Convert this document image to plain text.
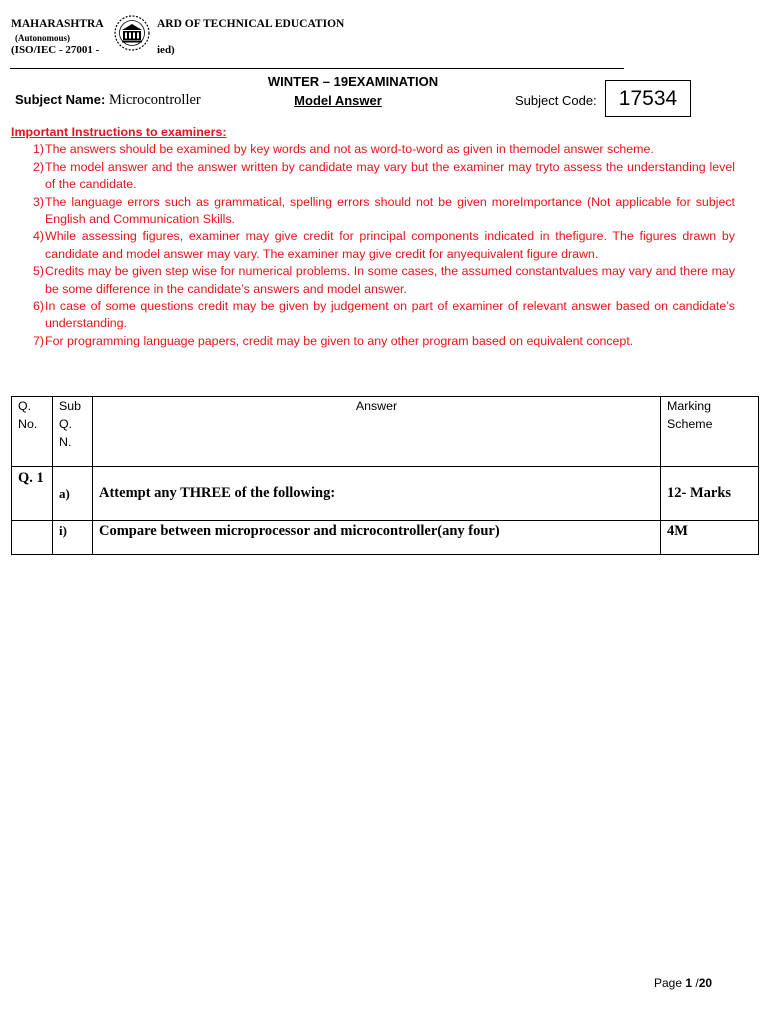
MAHARASHTRA	ARD OF TECHNICAL EDUCATION
(Autonomous)
(ISO/IEC - 27001 -	ied)
WINTER – 19EXAMINATION
Subject Name: Microcontroller	Model Answer	Subject Code:	17534
Important Instructions to examiners:
1) The answers should be examined by key words and not as word-to-word as given in themodel answer scheme.
2) The model answer and the answer written by candidate may vary but the examiner may tryto assess the understanding level of the candidate.
3) The language errors such as grammatical, spelling errors should not be given moreImportance (Not applicable for subject English and Communication Skills.
4) While assessing figures, examiner may give credit for principal components indicated in thefigure. The figures drawn by candidate and model answer may vary. The examiner may give credit for anyequivalent figure drawn.
5) Credits may be given step wise for numerical problems. In some cases, the assumed constantvalues may vary and there may be some difference in the candidate’s answers and model answer.
6) In case of some questions credit may be given by judgement on part of examiner of relevant answer based on candidate’s understanding.
7) For programming language papers, credit may be given to any other program based on equivalent concept.
Q. No.	Sub Q. N.	Answer	Marking Scheme
Q. 1	a)	Attempt any THREE of the following:	12- Marks
	i)	Compare between microprocessor and microcontroller(any four)	4M
Page 1 /20
